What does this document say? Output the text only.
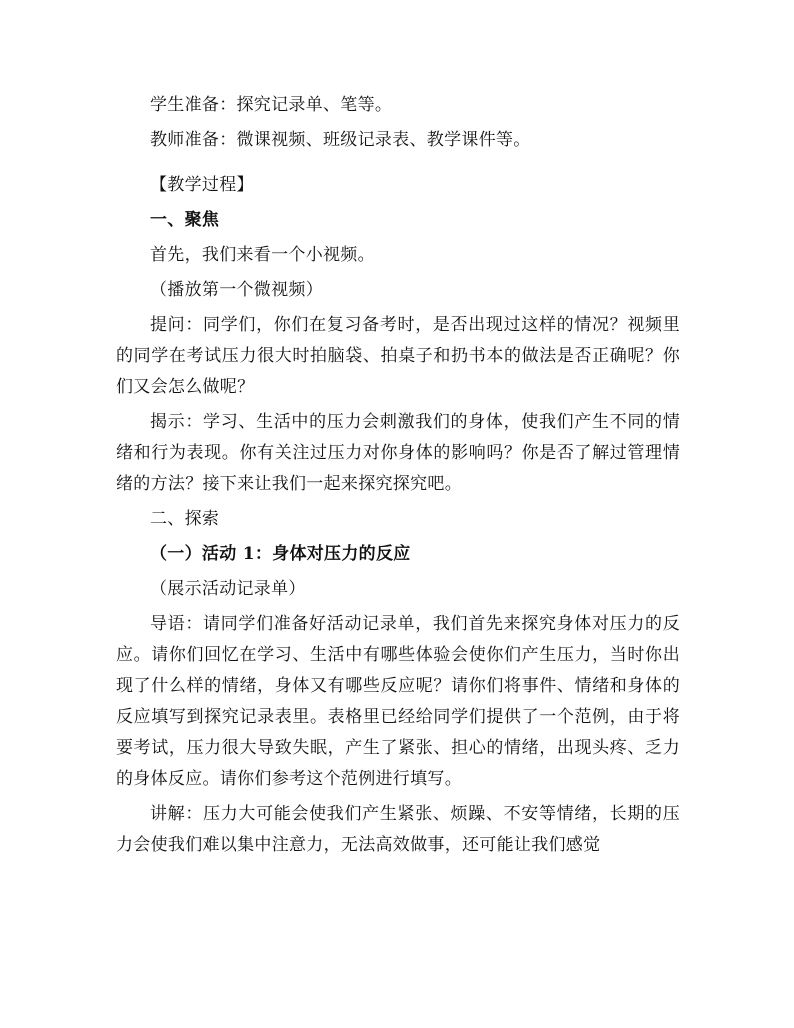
学生准备：探究记录单、笔等。

教师准备：微课视频、班级记录表、教学课件等。

【教学过程】

一、聚焦

首先，我们来看一个小视频。

（播放第一个微视频）

提问：同学们，你们在复习备考时，是否出现过这样的情况？视频里的同学在考试压力很大时拍脑袋、拍桌子和扔书本的做法是否正确呢？你们又会怎么做呢？

揭示：学习、生活中的压力会刺激我们的身体，使我们产生不同的情绪和行为表现。你有关注过压力对你身体的影响吗？你是否了解过管理情绪的方法？接下来让我们一起来探究探究吧。

二、探索

（一）活动 1：身体对压力的反应

（展示活动记录单）

导语：请同学们准备好活动记录单，我们首先来探究身体对压力的反应。请你们回忆在学习、生活中有哪些体验会使你们产生压力，当时你出现了什么样的情绪，身体又有哪些反应呢？请你们将事件、情绪和身体的反应填写到探究记录表里。表格里已经给同学们提供了一个范例，由于将要考试，压力很大导致失眠，产生了紧张、担心的情绪，出现头疼、乏力的身体反应。请你们参考这个范例进行填写。

讲解：压力大可能会使我们产生紧张、烦躁、不安等情绪，长期的压力会使我们难以集中注意力，无法高效做事，还可能让我们感觉
